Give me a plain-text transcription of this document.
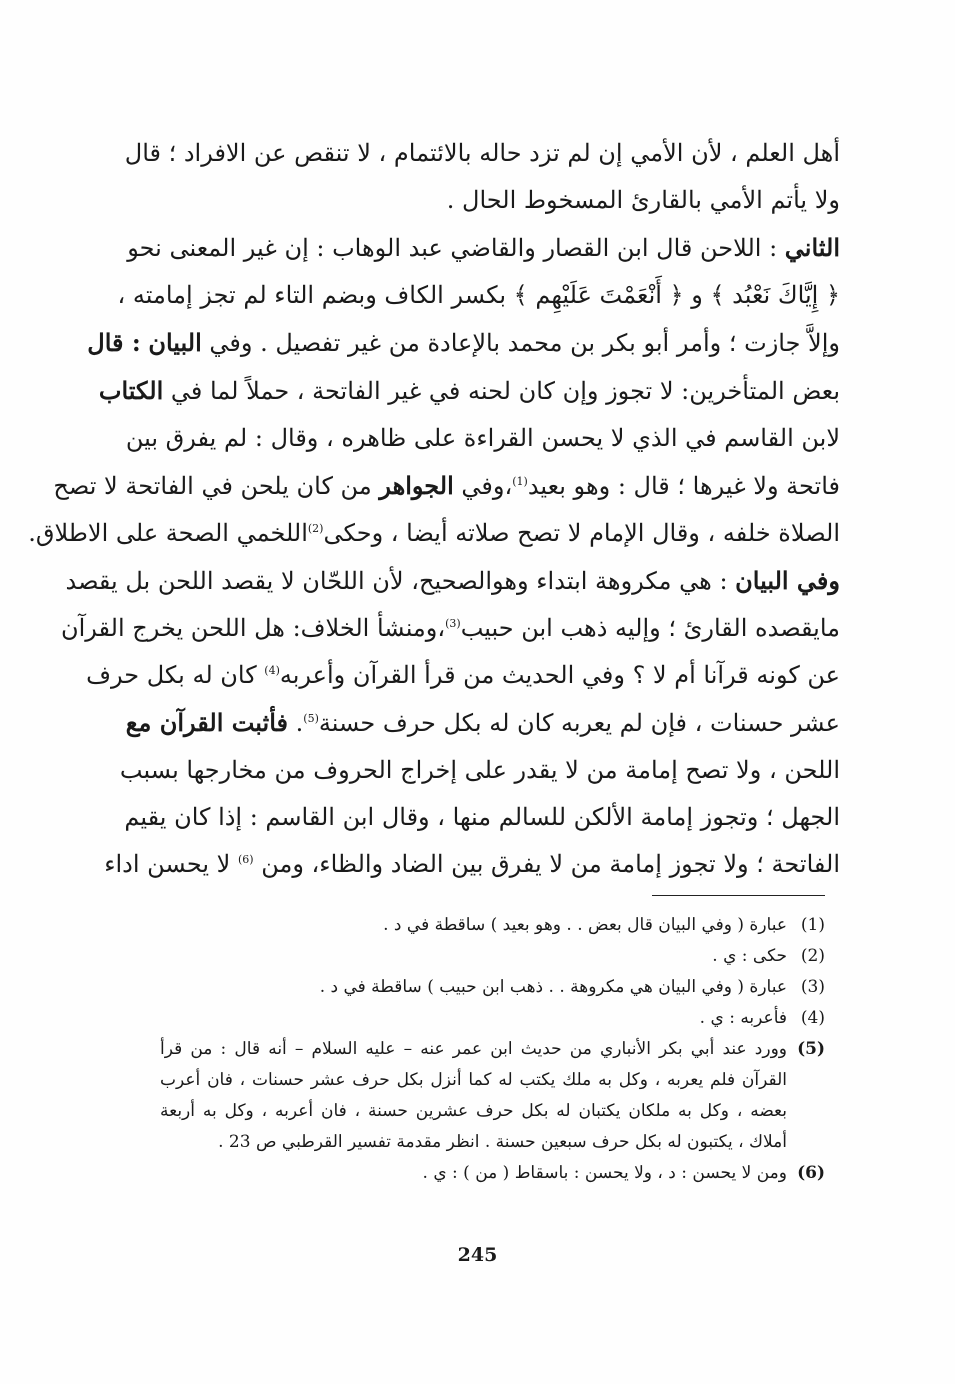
أهل العلم ، لأن الأمي إن لم تزد حاله بالائتمام ، لا تنقص عن الافراد ؛ قال
ولا يأتم الأمي بالقارئ المسخوط الحال .
الثاني : اللاحن قال ابن القصار والقاضي عبد الوهاب : إن غير المعنى نحو
﴿ إِيَّاكَ نَعْبُد ﴾ و ﴿ أَنْعَمْتَ عَلَيْهِم ﴾ بكسر الكاف وبضم التاء لم تجز إمامته ،
وإلاَّ جازت ؛ وأمر أبو بكر بن محمد بالإعادة من غير تفصيل . وفي البيان : قال
بعض المتأخرين: لا تجوز وإن كان لحنه في غير الفاتحة ، حملاً لما في الكتاب
لابن القاسم في الذي لا يحسن القراءة على ظاهره ، وقال : لم يفرق بين
فاتحة ولا غيرها ؛ قال : وهو بعيد$^{(1)}$،وفي الجواهر من كان يلحن في الفاتحة لا تصح
الصلاة خلفه ، وقال الإمام لا تصح صلاته أيضا ، وحكى$^{(2)}$اللخمي الصحة على الاطلاق.
وفي البيان : هي مكروهة ابتداء وهوالصحيح، لأن اللحّان لا يقصد اللحن بل يقصد
مايقصده القارئ ؛ وإليه ذهب ابن حبيب$^{(3)}$،ومنشأ الخلاف: هل اللحن يخرج القرآن
عن كونه قرآنا أم لا ؟ وفي الحديث من قرأ القرآن وأعربه$^{(4)}$ كان له بكل حرف
عشر حسنات ، فإن لم يعربه كان له بكل حرف حسنة$^{(5)}$. فأثبت القرآن مع
اللحن ، ولا تصح إمامة من لا يقدر على إخراج الحروف من مخارجها بسبب
الجهل ؛ وتجوز إمامة الألكن للسالم منها ، وقال ابن القاسم : إذا كان يقيم
الفاتحة ؛ ولا تجوز إمامة من لا يفرق بين الضاد والظاء، ومن $^{(6)}$ لا يحسن اداء
(1)
عبارة ( وفي البيان قال بعض . . وهو بعيد ) ساقطة في د .
(2)
حكى : ي .
(3)
عبارة ( وفي البيان هي مكروهة . . ذهب ابن حبيب ) ساقطة في د .
(4)
فأعربه : ي .
(5)
وورد عند أبي بكر الأنباري من حديث ابن عمر عنه – عليه السلام – أنه قال : من قرأ القرآن فلم يعربه ، وكل به ملك يكتب له كما أنزل بكل حرف عشر حسنات ، فان أعرب بعضه ، وكل به ملكان يكتبان له بكل حرف عشرين حسنة ، فان أعربه ، وكل به أربعة أملاك ، يكتبون له بكل حرف سبعين حسنة . انظر مقدمة تفسير القرطبي ص 23 .
(6)
ومن لا يحسن : د ، ولا يحسن : باسقاط ( من ) : ي .
245
